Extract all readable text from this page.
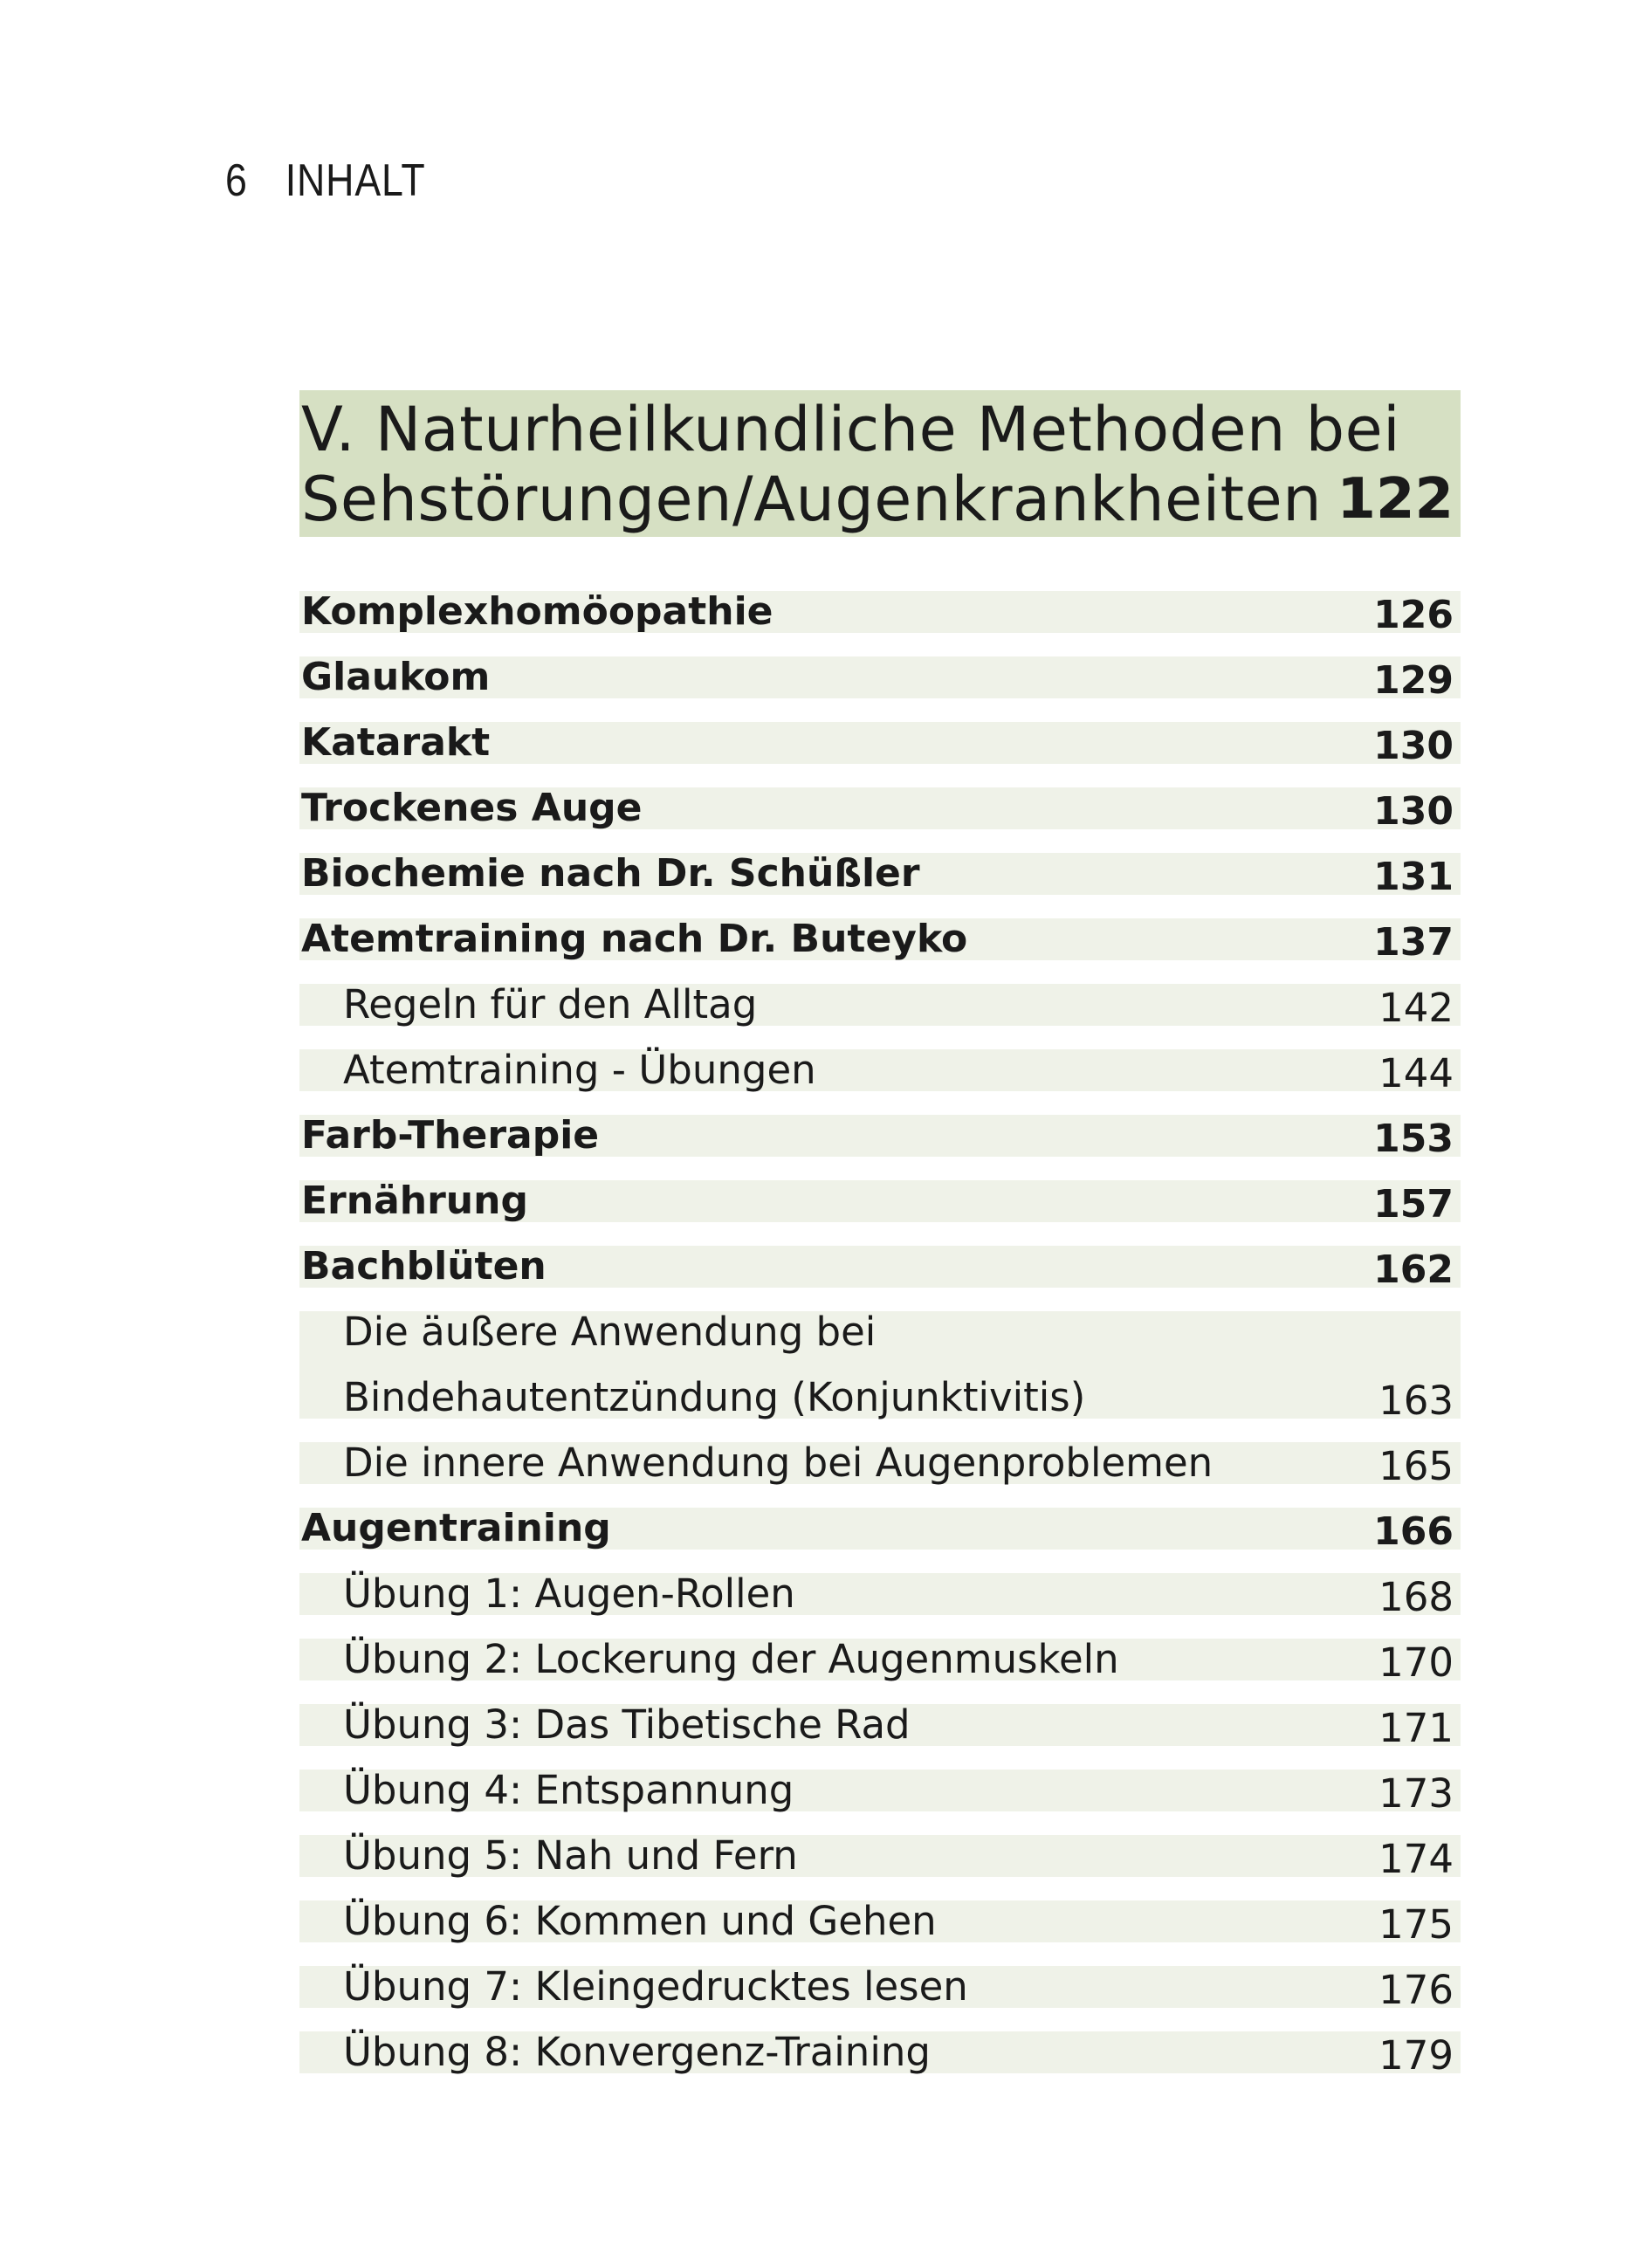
6 INHALT
V. Naturheilkundliche Methoden bei
Sehstörungen/Augenkrankheiten 122
Komplexhomöopathie	126
Glaukom	129
Katarakt	130
Trockenes Auge	130
Biochemie nach Dr. Schüßler	131
Atemtraining nach Dr. Buteyko	137
Regeln für den Alltag	142
Atemtraining - Übungen	144
Farb-Therapie	153
Ernährung	157
Bachblüten	162
Die äußere Anwendung bei
Bindehautentzündung (Konjunktivitis)	163
Die innere Anwendung bei Augenproblemen	165
Augentraining	166
Übung 1: Augen-Rollen	168
Übung 2: Lockerung der Augenmuskeln	170
Übung 3: Das Tibetische Rad	171
Übung 4: Entspannung	173
Übung 5: Nah und Fern	174
Übung 6: Kommen und Gehen	175
Übung 7: Kleingedrucktes lesen	176
Übung 8: Konvergenz-Training	179
